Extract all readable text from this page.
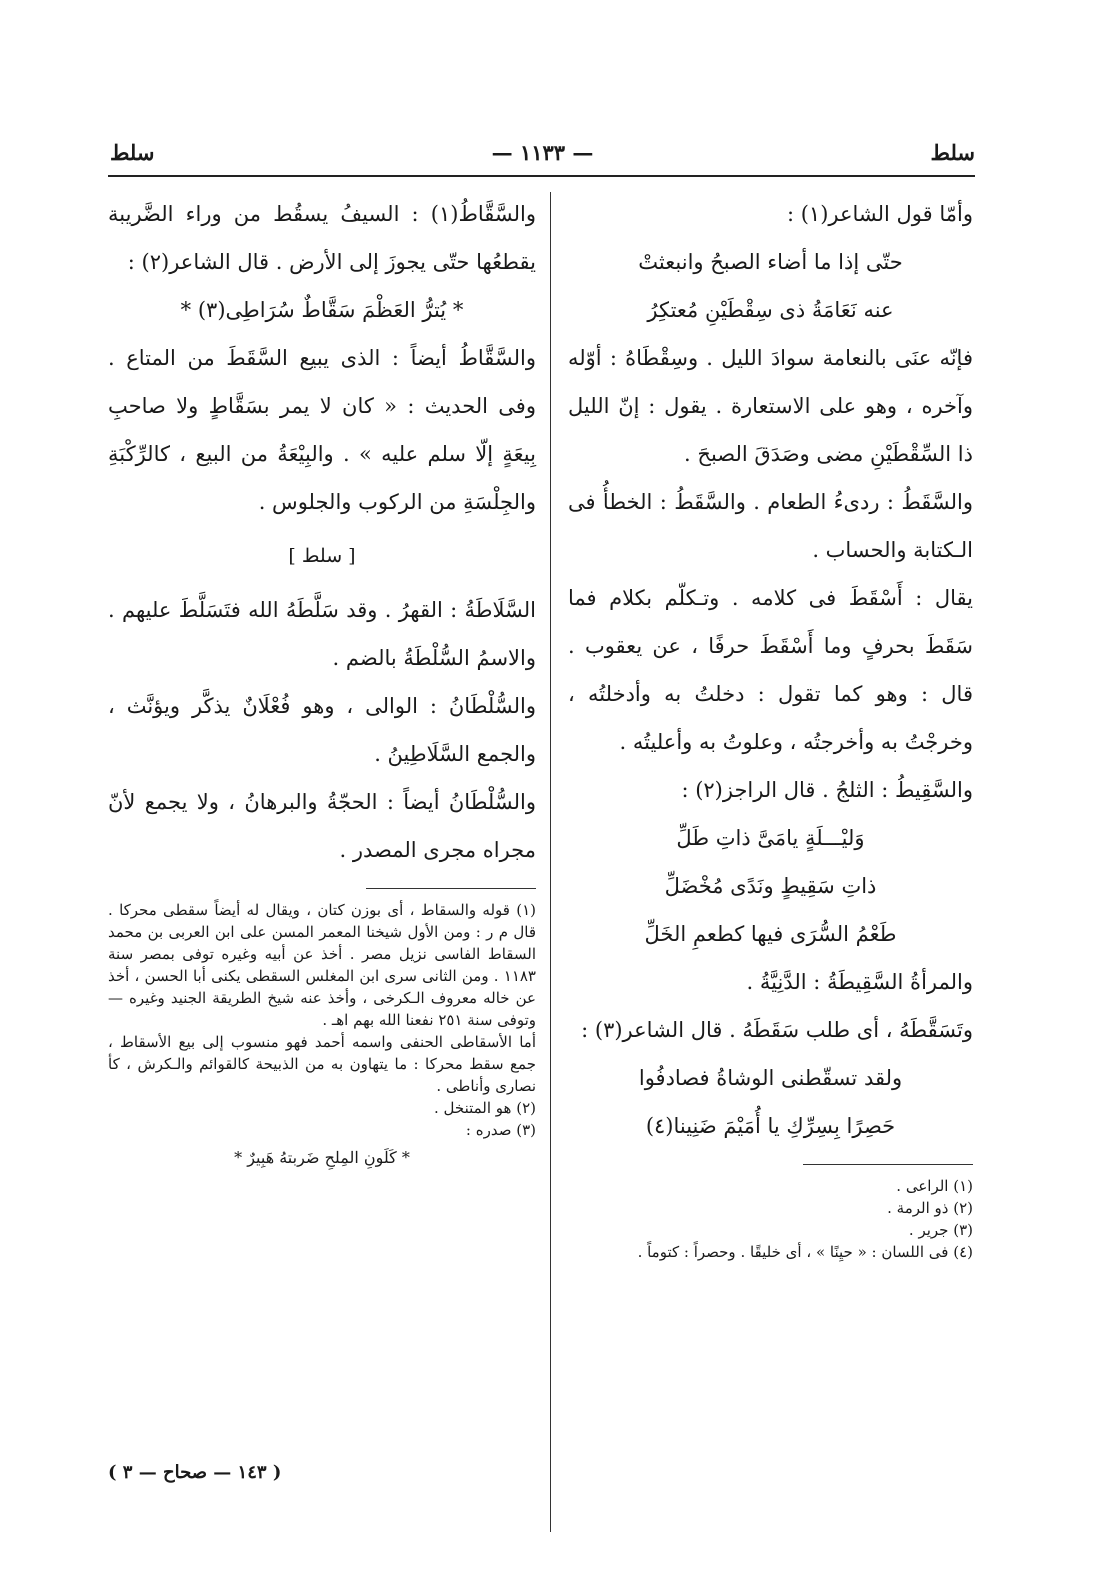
سلط
— ١١٣٣ —
سلط

وأمّا قول الشاعر(١) :

حتّى إذا ما أضاء الصبحُ وانبعثتْ

عنه نَعَامَةُ ذى سِقْطَيْنِ مُعتكِرُ

فإنّه عنَى بالنعامة سوادَ الليل . وسِقْطَاهُ : أوّله وآخره ، وهو على الاستعارة . يقول : إنّ الليل ذا السِّقْطَيْنِ مضى وصَدَقَ الصبحَ .

والسَّقَطُ : ردىءُ الطعام . والسَّقَطُ : الخطأُ فى الـكتابة والحساب .

يقال : أَسْقَطَ فى كلامه . وتـكلّم بكلام فما سَقَطَ بحرفٍ وما أَسْقَطَ حرفًا ، عن يعقوب . قال : وهو كما تقول : دخلتُ به وأدخلتُه ، وخرجْتُ به وأخرجتُه ، وعلوتُ به وأعليتُه .

والسَّقِيطُ : الثلجُ . قال الراجز(٢) :

وَليْـــلَةٍ يامَىَّ ذاتِ طَلِّ

ذاتِ سَقِيطٍ ونَدًى مُخْضَلِّ

طَعْمُ السُّرَى فيها كطعمِ الخَلِّ

والمرأةُ السَّقِيطَةُ : الدَّنِيَّةُ .

وتَسَقَّطَهُ ، أى طلب سَقَطَهُ . قال الشاعر(٣) :

ولقد تسقّطنى الوشاةُ فصادفُوا

حَصِرًا بِسِرِّكِ يا أُمَيْمَ ضَنِينا(٤)

(١) الراعى .

(٢) ذو الرمة .

(٣) جرير .

(٤) فى اللسان : « حيِنًا » ، أى خليقًا . وحصراً : كتوماً .

والسَّقَّاطُ(١) : السيفُ يسقُط من وراء الضَّريبة يقطعُها حتّى يجوزَ إلى الأرض . قال الشاعر(٢) :

* يُترُّ العَظْمَ سَقَّاطٌ سُرَاطِى(٣) *

والسَّقَّاطُ أيضاً : الذى يبيع السَّقَطَ من المتاع . وفى الحديث : « كان لا يمر بسَقَّاطٍ ولا صاحبِ بِيعَةٍ إلّا سلم عليه » . والبِيْعَةُ من البيع ، كالرِّكْبَةِ والجِلْسَةِ من الركوب والجلوس .

[ سلط ]

السَّلَاطَةُ : القهرُ . وقد سَلَّطَهُ الله فتَسَلَّطَ عليهم . والاسمُ السُّلْطَةُ بالضم .

والسُّلْطَانُ : الوالى ، وهو فُعْلَانٌ يذكَّر ويؤنَّث ، والجمع السَّلَاطِينُ .

والسُّلْطَانُ أيضاً : الحجّةُ والبرهانُ ، ولا يجمع لأنّ مجراه مجرى المصدر .

(١) قوله والسقاط ، أى بوزن كتان ، ويقال له أيضاً سقطى محركا . قال م ر : ومن الأول شيخنا المعمر المسن على ابن العربى بن محمد السقاط الفاسى نزيل مصر . أخذ عن أبيه وغيره توفى بمصر سنة ١١٨٣ . ومن الثانى سرى ابن المغلس السقطى يكنى أبا الحسن ، أخذ عن خاله معروف الـكرخى ، وأخذ عنه شيخ الطريقة الجنيد وغيره — وتوفى سنة ٢٥١ نفعنا الله بهم اهـ .

أما الأسقاطى الحنفى واسمه أحمد فهو منسوب إلى بيع الأسقاط ، جمع سقط محركا : ما يتهاون به من الذبيحة كالقوائم والـكرش ، كأ نصارى وأناطى .

(٢) هو المتنخل .

(٣) صدره :

* كَلَونِ المِلحِ ضَربتهُ هَبِيرٌ *

( ١٤٣ — صحاح — ٣ )
